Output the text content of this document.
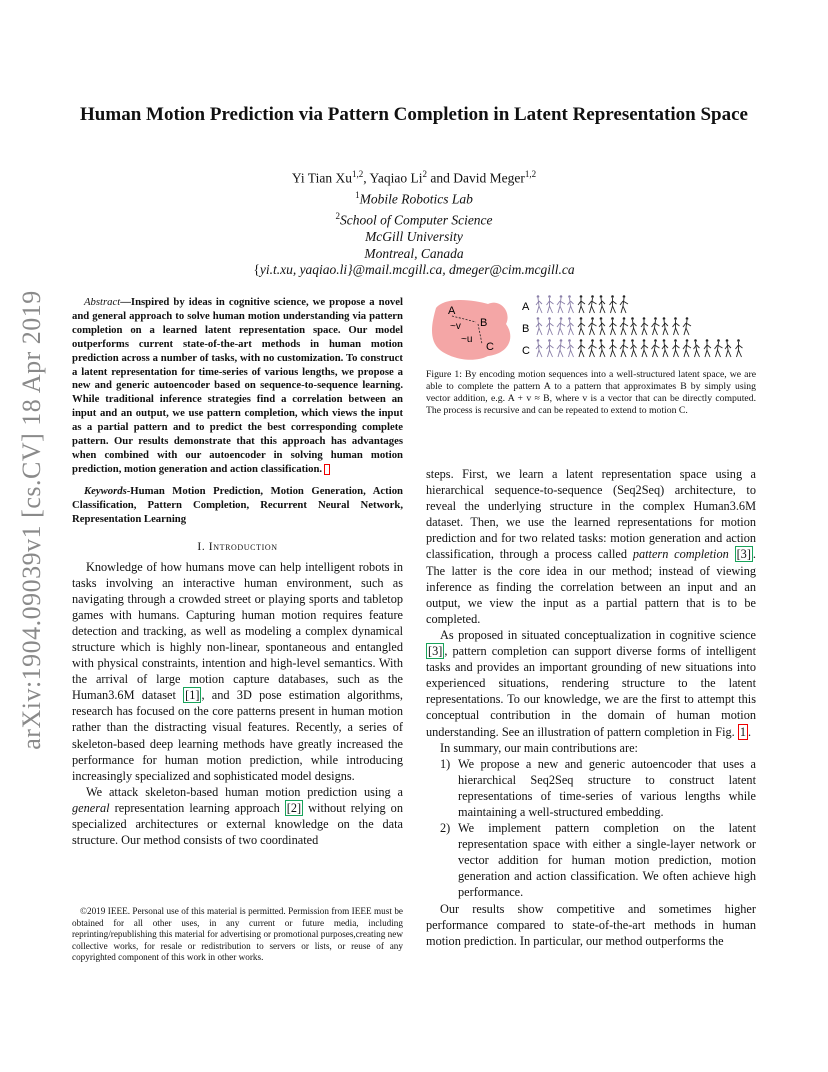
arXiv:1904.09039v1 [cs.CV] 18 Apr 2019
Human Motion Prediction via Pattern Completion in Latent Representation Space
Yi Tian Xu$^{1,2}$, Yaqiao Li$^2$ and David Meger$^{1,2}$
$^1$Mobile Robotics Lab
$^2$School of Computer Science
McGill University
Montreal, Canada
{yi.t.xu, yaqiao.li}@mail.mcgill.ca, dmeger@cim.mcgill.ca

Abstract—Inspired by ideas in cognitive science, we propose a novel and general approach to solve human motion understanding via pattern completion on a learned latent representation space. Our model outperforms current state-of-the-art methods in human motion prediction across a number of tasks, with no customization. To construct a latent representation for time-series of various lengths, we propose a new and generic autoencoder based on sequence-to-sequence learning. While traditional inference strategies find a correlation between an input and an output, we use pattern completion, which views the input as a partial pattern and to predict the best corresponding complete pattern. Our results demonstrate that this approach has advantages when combined with our autoencoder in solving human motion prediction, motion generation and action classification.

Keywords-Human Motion Prediction, Motion Generation, Action Classification, Pattern Completion, Recurrent Neural Network, Representation Learning

I. Introduction

Knowledge of how humans move can help intelligent robots in tasks involving an interactive human environment, such as navigating through a crowded street or playing sports and tabletop games with humans. Capturing human motion requires feature detection and tracking, as well as modeling a complex dynamical structure which is highly non-linear, spontaneous and entangled with physical constraints, intention and high-level semantics. With the arrival of large motion capture databases, such as the Human3.6M dataset [1] , and 3D pose estimation algorithms, research has focused on the core patterns present in human motion rather than the distracting visual features. Recently, a series of skeleton-based deep learning methods have greatly increased the performance for human motion prediction, while introducing increasingly specialized and sophisticated model designs.

We attack skeleton-based human motion prediction using a general representation learning approach [2] without relying on specialized architectures or external knowledge on the data structure. Our method consists of two coordinated

©2019 IEEE. Personal use of this material is permitted. Permission from IEEE must be obtained for all other uses, in any current or future media, including reprinting/republishing this material for advertising or promotional purposes,creating new collective works, for resale or redistribution to servers or lists, or reuse of any copyrighted component of this work in other works.

A
~v B
~u
C
A
B
C

Figure 1: By encoding motion sequences into a well-structured latent space, we are able to complete the pattern A to a pattern that approximates B by simply using vector addition, e.g. A + v ≈ B, where v is a vector that can be directly computed. The process is recursive and can be repeated to extend to motion C.

steps. First, we learn a latent representation space using a hierarchical sequence-to-sequence (Seq2Seq) architecture, to reveal the underlying structure in the complex Human3.6M dataset. Then, we use the learned representations for motion prediction and for two related tasks: motion generation and action classification, through a process called pattern completion [3] . The latter is the core idea in our method; instead of viewing inference as finding the correlation between an input and an output, we view the input as a partial pattern that is to be completed.

As proposed in situated conceptualization in cognitive science [3] , pattern completion can support diverse forms of intelligent tasks and provides an important grounding of new situations into experienced situations, rendering structure to the latent representations. To our knowledge, we are the first to attempt this conceptual contribution in the domain of human motion understanding. See an illustration of pattern completion in Fig. 1 .

In summary, our main contributions are:

1) We propose a new and generic autoencoder that uses a hierarchical Seq2Seq structure to construct latent representations of time-series of various lengths while maintaining a well-structured embedding.
2) We implement pattern completion on the latent representation space with either a single-layer network or vector addition for human motion prediction, motion generation and action classification. We often achieve high performance.

Our results show competitive and sometimes higher performance compared to state-of-the-art methods in human motion prediction. In particular, our method outperforms the
